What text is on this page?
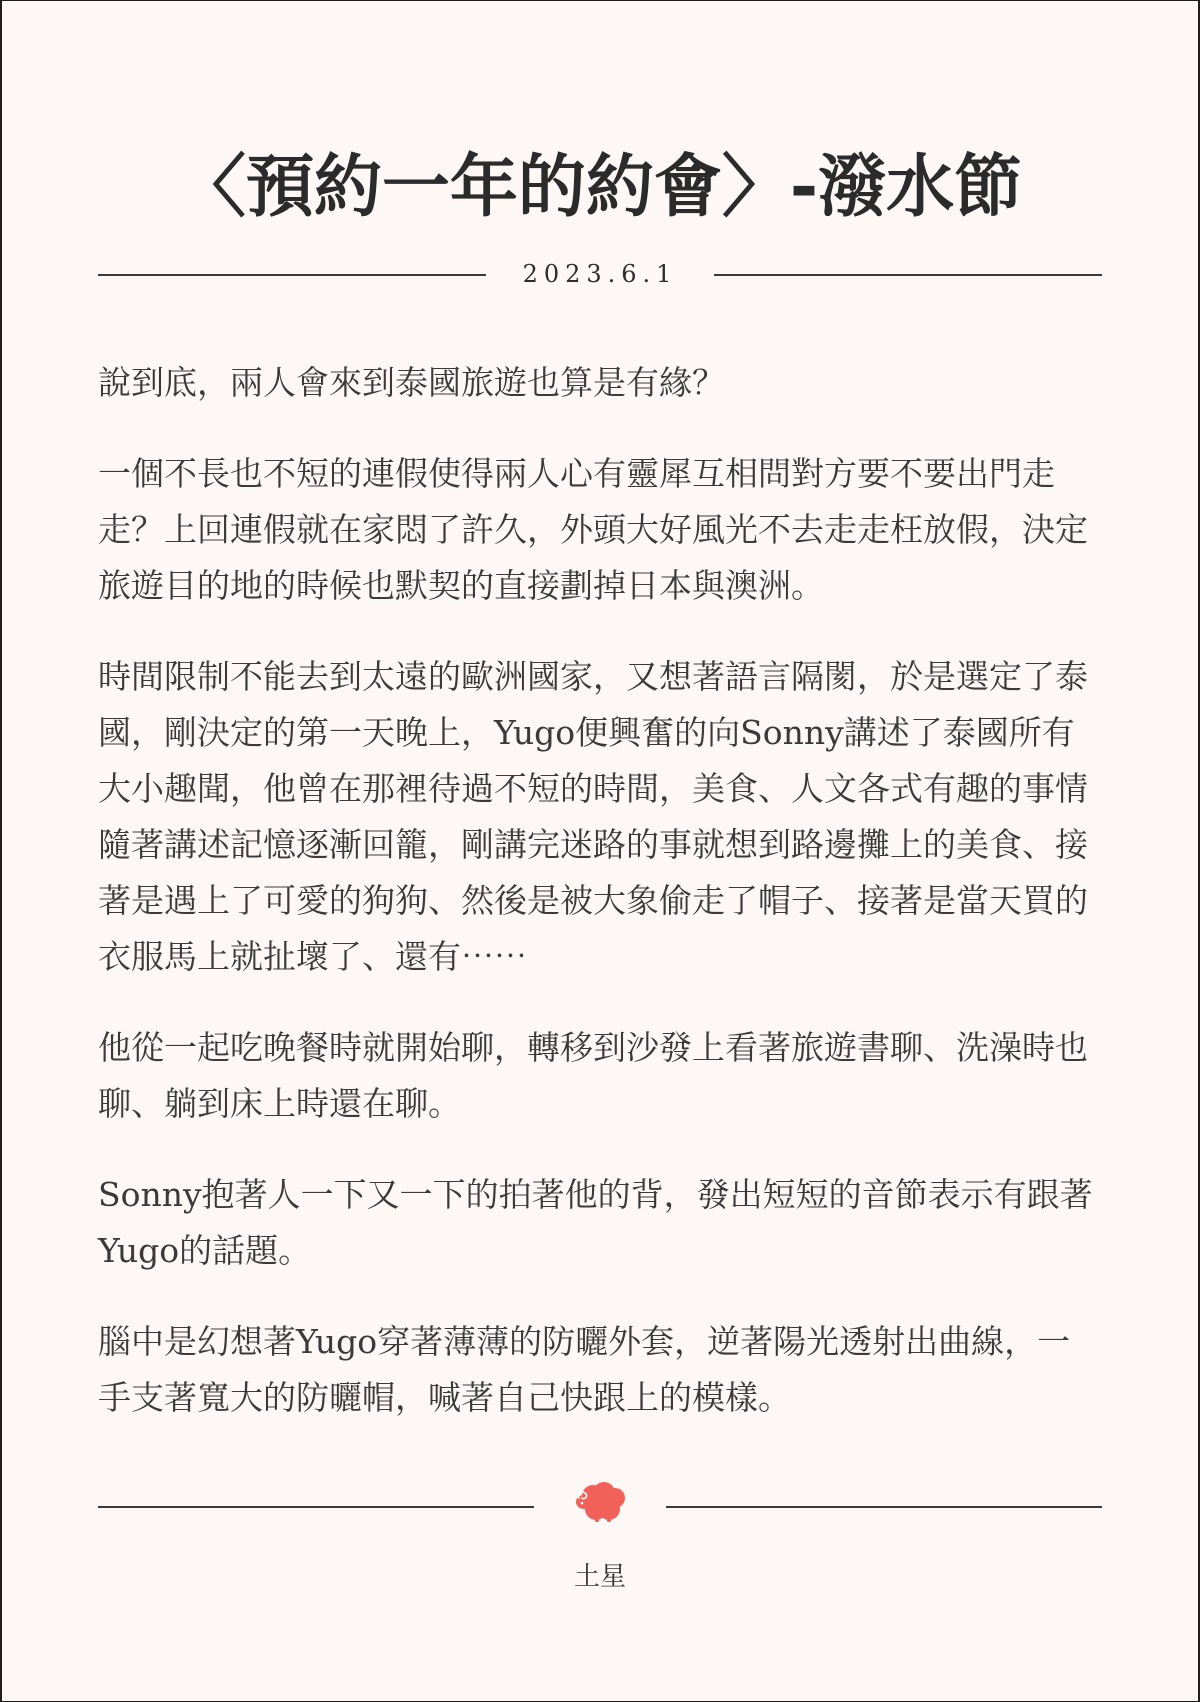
〈預約一年的約會〉-潑水節
2023.6.1

說到底，兩人會來到泰國旅遊也算是有緣？

一個不長也不短的連假使得兩人心有靈犀互相問對方要不要出門走走？上回連假就在家悶了許久，外頭大好風光不去走走枉放假，決定旅遊目的地的時候也默契的直接劃掉日本與澳洲。

時間限制不能去到太遠的歐洲國家，又想著語言隔閡，於是選定了泰國，剛決定的第一天晚上，Yugo便興奮的向Sonny講述了泰國所有大小趣聞，他曾在那裡待過不短的時間，美食、人文各式有趣的事情隨著講述記憶逐漸回籠，剛講完迷路的事就想到路邊攤上的美食、接著是遇上了可愛的狗狗、然後是被大象偷走了帽子、接著是當天買的衣服馬上就扯壞了、還有⋯⋯

他從一起吃晚餐時就開始聊，轉移到沙發上看著旅遊書聊、洗澡時也聊、躺到床上時還在聊。

Sonny抱著人一下又一下的拍著他的背，發出短短的音節表示有跟著Yugo的話題。

腦中是幻想著Yugo穿著薄薄的防曬外套，逆著陽光透射出曲線，一手支著寬大的防曬帽，喊著自己快跟上的模樣。

土星
